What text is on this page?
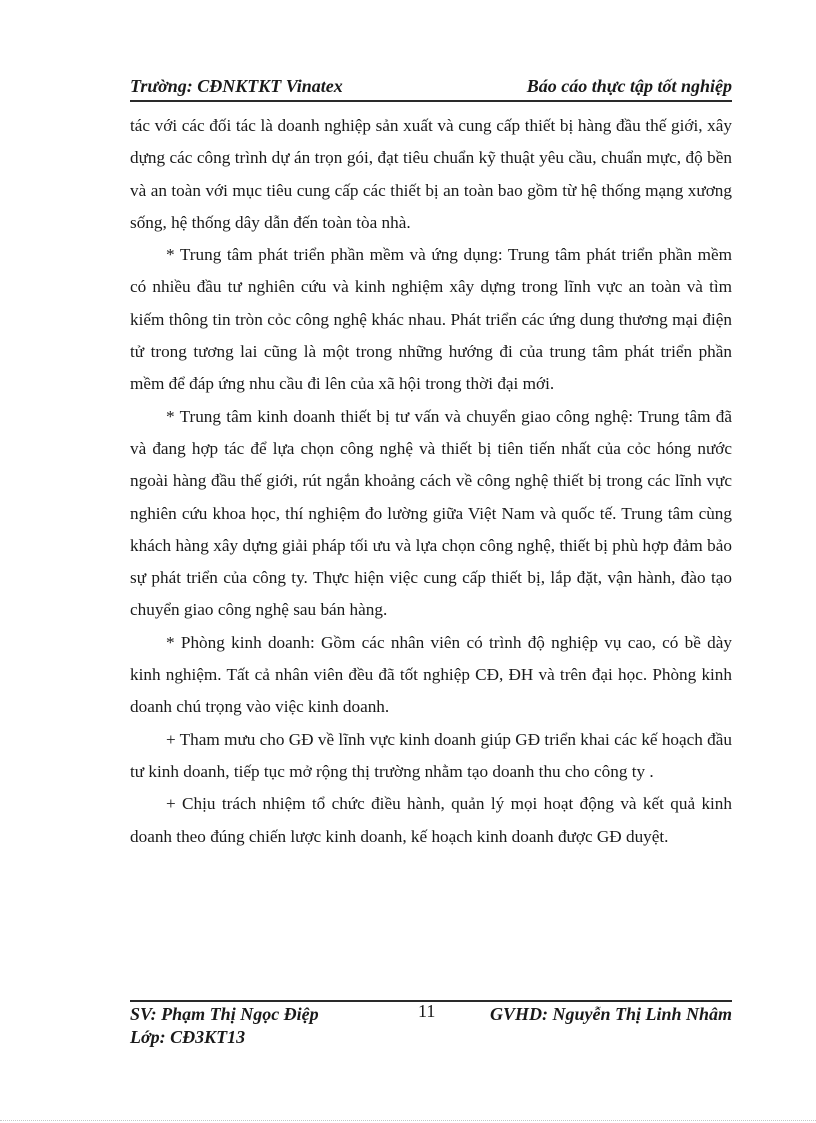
Trường: CĐNKTKT Vinatex	Báo cáo thực tập tốt nghiệp

tác với các đối tác là doanh nghiệp sản xuất và cung cấp thiết bị hàng đầu thế giới, xây dựng các công trình dự án trọn gói, đạt tiêu chuẩn kỹ thuật yêu cầu, chuẩn mực, độ bền và an toàn với mục tiêu cung cấp các thiết bị an toàn bao gồm từ hệ thống mạng xương sống, hệ thống dây dẫn đến toàn tòa nhà.

* Trung tâm phát triển phần mềm và ứng dụng: Trung tâm phát triển phần mềm có nhiều đầu tư nghiên cứu và kinh nghiệm xây dựng trong lĩnh vực an toàn và tìm kiếm thông tin tròn cỏc công nghệ khác nhau. Phát triển các ứng dung thương mại điện tử trong tương lai cũng là một trong những hướng đi của trung tâm phát triển phần mềm để đáp ứng nhu cầu đi lên của xã hội trong thời đại mới.

* Trung tâm kinh doanh thiết bị tư vấn và chuyển giao công nghệ: Trung tâm đã và đang hợp tác để lựa chọn công nghệ và thiết bị tiên tiến nhất của cỏc hóng nước ngoài hàng đầu thế giới, rút ngắn khoảng cách về công nghệ thiết bị trong các lĩnh vực nghiên cứu khoa học, thí nghiệm đo lường giữa Việt Nam và quốc tế. Trung tâm cùng khách hàng xây dựng giải pháp tối ưu và lựa chọn công nghệ, thiết bị phù hợp đảm bảo sự phát triển của công ty. Thực hiện việc cung cấp thiết bị, lắp đặt, vận hành, đào tạo chuyển giao công nghệ sau bán hàng.

* Phòng kinh doanh: Gồm các nhân viên có trình độ nghiệp vụ cao, có bề dày kinh nghiệm. Tất cả nhân viên đều đã tốt nghiệp CĐ, ĐH và trên đại học. Phòng kinh doanh chú trọng vào việc kinh doanh.

+ Tham mưu cho GĐ về lĩnh vực kinh doanh giúp GĐ triển khai các kế hoạch đầu tư kinh doanh, tiếp tục mở rộng thị trường nhằm tạo doanh thu cho công ty .

+ Chịu trách nhiệm tổ chức điều hành, quản lý mọi hoạt động và kết quả kinh doanh theo đúng chiến lược kinh doanh, kế hoạch kinh doanh được GĐ duyệt.

SV: Phạm Thị Ngọc Điệp
Lớp: CĐ3KT13
11	GVHD: Nguyễn Thị Linh Nhâm
